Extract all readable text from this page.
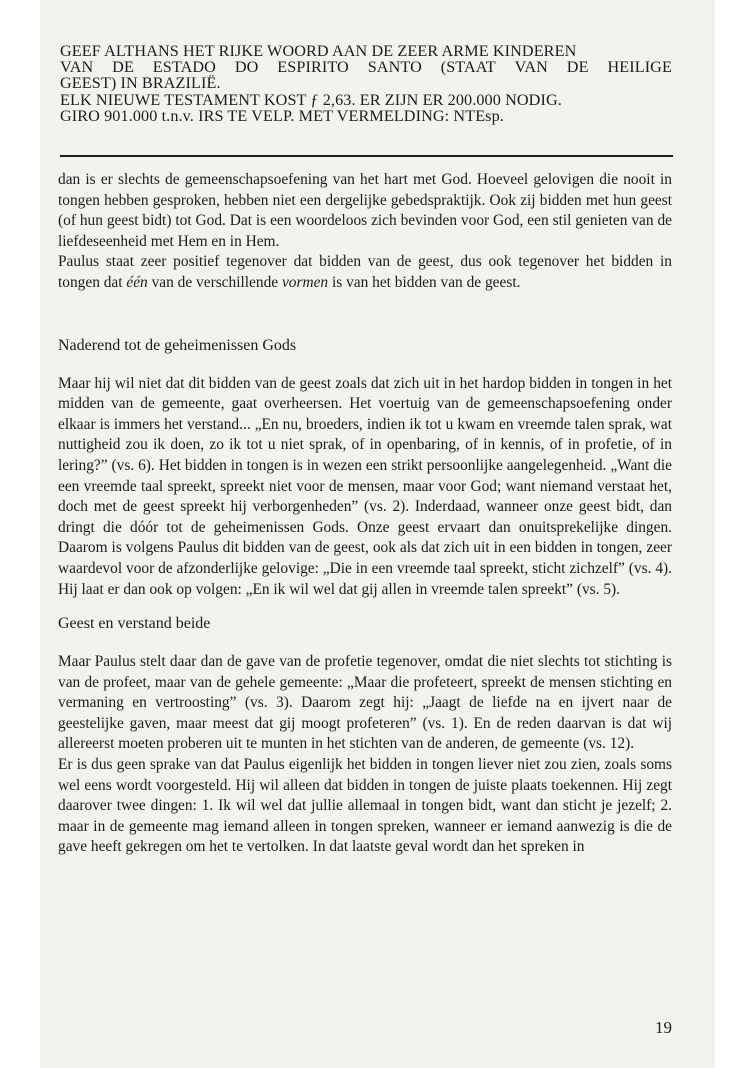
GEEF ALTHANS HET RIJKE WOORD AAN DE ZEER ARME KINDEREN
VAN DE ESTADO DO ESPIRITO SANTO (STAAT VAN DE HEILIGE
GEEST) IN BRAZILIË.
ELK NIEUWE TESTAMENT KOST ƒ 2,63. ER ZIJN ER 200.000 NODIG.
GIRO 901.000 t.n.v. IRS TE VELP. MET VERMELDING: NTEsp.

dan is er slechts de gemeenschapsoefening van het hart met God. Hoeveel gelovigen die nooit in tongen hebben gesproken, hebben niet een dergelijke gebedspraktijk. Ook zij bidden met hun geest (of hun geest bidt) tot God. Dat is een woordeloos zich bevinden voor God, een stil genieten van de liefdeseenheid met Hem en in Hem.

Paulus staat zeer positief tegenover dat bidden van de geest, dus ook tegenover het bidden in tongen dat één van de verschillende vormen is van het bidden van de geest.

Naderend tot de geheimenissen Gods

Maar hij wil niet dat dit bidden van de geest zoals dat zich uit in het hardop bidden in tongen in het midden van de gemeente, gaat overheersen. Het voertuig van de gemeenschapsoefening onder elkaar is immers het verstand... „En nu, broeders, indien ik tot u kwam en vreemde talen sprak, wat nuttigheid zou ik doen, zo ik tot u niet sprak, of in openbaring, of in kennis, of in profetie, of in lering?” (vs. 6). Het bidden in tongen is in wezen een strikt persoonlijke aangelegenheid. „Want die een vreemde taal spreekt, spreekt niet voor de mensen, maar voor God; want niemand verstaat het, doch met de geest spreekt hij verborgenheden” (vs. 2). Inderdaad, wanneer onze geest bidt, dan dringt die dóór tot de geheimenissen Gods. Onze geest ervaart dan onuitsprekelijke dingen. Daarom is volgens Paulus dit bidden van de geest, ook als dat zich uit in een bidden in tongen, zeer waardevol voor de afzonderlijke gelovige: „Die in een vreemde taal spreekt, sticht zichzelf” (vs. 4). Hij laat er dan ook op volgen: „En ik wil wel dat gij allen in vreemde talen spreekt” (vs. 5).

Geest en verstand beide

Maar Paulus stelt daar dan de gave van de profetie tegenover, omdat die niet slechts tot stichting is van de profeet, maar van de gehele gemeente: „Maar die profeteert, spreekt de mensen stichting en vermaning en vertroosting” (vs. 3). Daarom zegt hij: „Jaagt de liefde na en ijvert naar de geestelijke gaven, maar meest dat gij moogt profeteren” (vs. 1). En de reden daarvan is dat wij allereerst moeten proberen uit te munten in het stichten van de anderen, de gemeente (vs. 12).

Er is dus geen sprake van dat Paulus eigenlijk het bidden in tongen liever niet zou zien, zoals soms wel eens wordt voorgesteld. Hij wil alleen dat bidden in tongen de juiste plaats toekennen. Hij zegt daarover twee dingen: 1. Ik wil wel dat jullie allemaal in tongen bidt, want dan sticht je jezelf; 2. maar in de gemeente mag iemand alleen in tongen spreken, wanneer er iemand aanwezig is die de gave heeft gekregen om het te vertolken. In dat laatste geval wordt dan het spreken in

19
